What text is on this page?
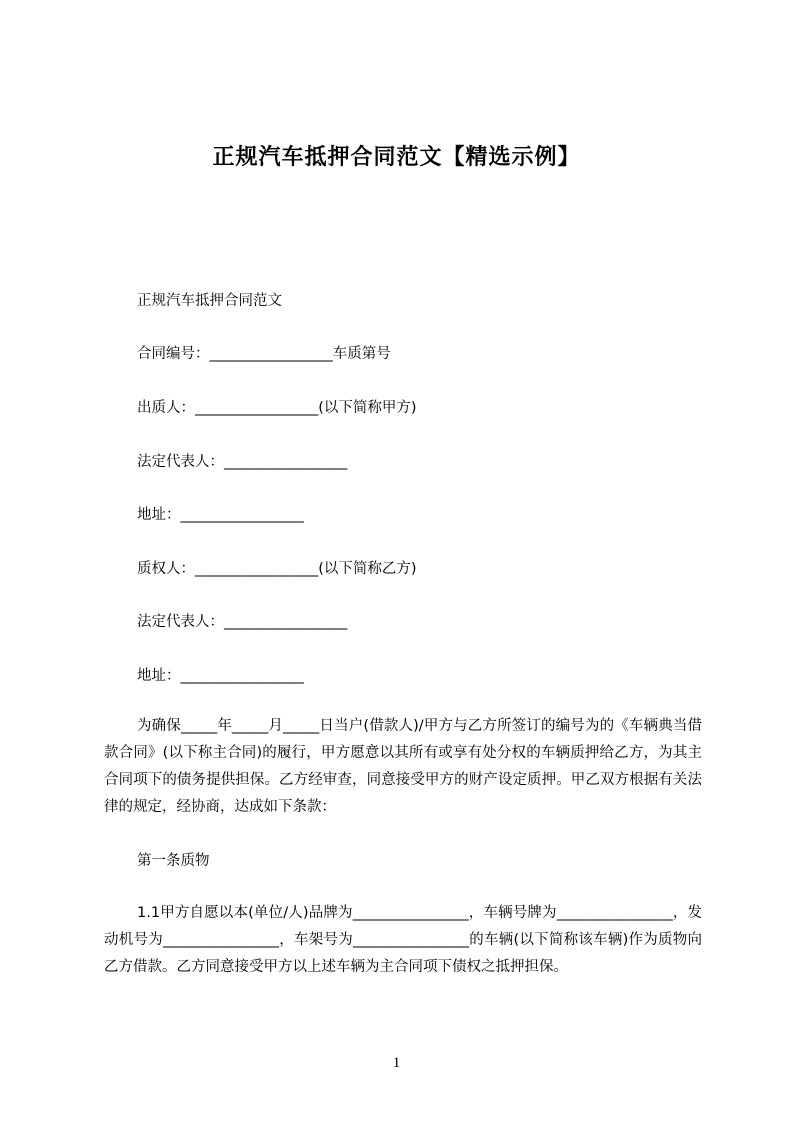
正规汽车抵押合同范文【精选示例】
正规汽车抵押合同范文
合同编号：_________________车质第号
出质人：_________________(以下简称甲方)
法定代表人：_________________
地址：_________________
质权人：_________________(以下简称乙方)
法定代表人：_________________
地址：_________________
为确保_____年_____月_____日当户(借款人)/甲方与乙方所签订的编号为的《车辆典当借款合同》(以下称主合同)的履行，甲方愿意以其所有或享有处分权的车辆质押给乙方，为其主合同项下的债务提供担保。乙方经审查，同意接受甲方的财产设定质押。甲乙双方根据有关法律的规定，经协商，达成如下条款：
第一条质物
1.1甲方自愿以本(单位/人)品牌为________________，车辆号牌为________________，发动机号为________________，车架号为________________的车辆(以下简称该车辆)作为质物向乙方借款。乙方同意接受甲方以上述车辆为主合同项下债权之抵押担保。
1
